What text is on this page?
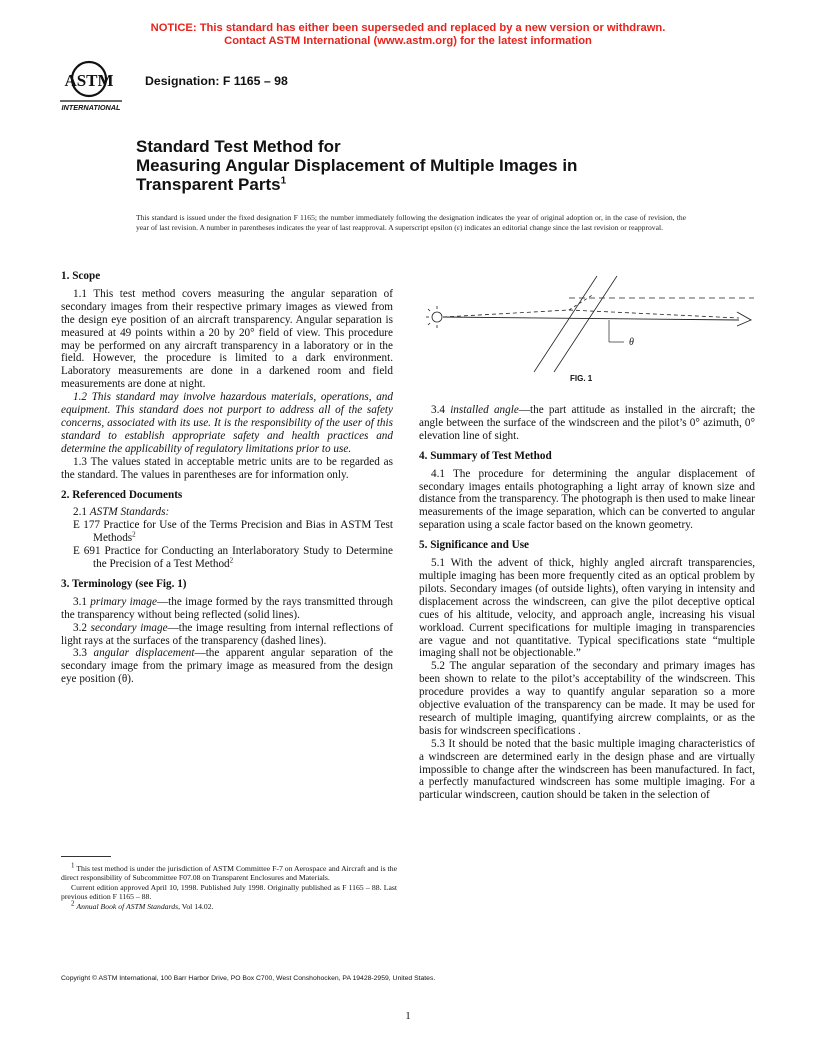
NOTICE: This standard has either been superseded and replaced by a new version or withdrawn.
Contact ASTM International (www.astm.org) for the latest information
ASTM
INTERNATIONAL
Designation: F 1165 – 98
Standard Test Method for
Measuring Angular Displacement of Multiple Images in
Transparent Parts$^1$
This standard is issued under the fixed designation F 1165; the number immediately following the designation indicates the year of original adoption or, in the case of revision, the year of last revision. A number in parentheses indicates the year of last reapproval. A superscript epsilon (ε) indicates an editorial change since the last revision or reapproval.
1. Scope

1.1 This test method covers measuring the angular separation of secondary images from their respective primary images as viewed from the design eye position of an aircraft transparency. Angular separation is measured at 49 points within a 20 by 20° field of view. This procedure may be performed on any aircraft transparency in a laboratory or in the field. However, the procedure is limited to a dark environment. Laboratory measurements are done in a darkened room and field measurements are done at night.

1.2 This standard may involve hazardous materials, operations, and equipment. This standard does not purport to address all of the safety concerns, associated with its use. It is the responsibility of the user of this standard to establish appropriate safety and health practices and determine the applicability of regulatory limitations prior to use.

1.3 The values stated in acceptable metric units are to be regarded as the standard. The values in parentheses are for information only.

2. Referenced Documents

2.1 ASTM Standards:

E 177 Practice for Use of the Terms Precision and Bias in ASTM Test Methods$^2$

E 691 Practice for Conducting an Interlaboratory Study to Determine the Precision of a Test Method$^2$

3. Terminology (see Fig. 1)

3.1 primary image—the image formed by the rays transmitted through the transparency without being reflected (solid lines).

3.2 secondary image—the image resulting from internal reflections of light rays at the surfaces of the transparency (dashed lines).

3.3 angular displacement—the apparent angular separation of the secondary image from the primary image as measured from the design eye position (θ).

θ
FIG. 1

3.4 installed angle—the part attitude as installed in the aircraft; the angle between the surface of the windscreen and the pilot’s 0° azimuth, 0° elevation line of sight.

4. Summary of Test Method

4.1 The procedure for determining the angular displacement of secondary images entails photographing a light array of known size and distance from the transparency. The photograph is then used to make linear measurements of the image separation, which can be converted to angular separation using a scale factor based on the known geometry.

5. Significance and Use

5.1 With the advent of thick, highly angled aircraft transparencies, multiple imaging has been more frequently cited as an optical problem by pilots. Secondary images (of outside lights), often varying in intensity and displacement across the windscreen, can give the pilot deceptive optical cues of his altitude, velocity, and approach angle, increasing his visual workload. Current specifications for multiple imaging in transparencies are vague and not quantitative. Typical specifications state “multiple imaging shall not be objectionable.”

5.2 The angular separation of the secondary and primary images has been shown to relate to the pilot’s acceptability of the windscreen. This procedure provides a way to quantify angular separation so a more objective evaluation of the transparency can be made. It may be used for research of multiple imaging, quantifying aircrew complaints, or as the basis for windscreen specifications .

5.3 It should be noted that the basic multiple imaging characteristics of a windscreen are determined early in the design phase and are virtually impossible to change after the windscreen has been manufactured. In fact, a perfectly manufactured windscreen has some multiple imaging. For a particular windscreen, caution should be taken in the selection of

1 This test method is under the jurisdiction of ASTM Committee F-7 on Aerospace and Aircraft and is the direct responsibility of Subcommittee F07.08 on Transparent Enclosures and Materials.

Current edition approved April 10, 1998. Published July 1998. Originally published as F 1165 – 88. Last previous edition F 1165 – 88.

2 Annual Book of ASTM Standards, Vol 14.02.

Copyright © ASTM International, 100 Barr Harbor Drive, PO Box C700, West Conshohocken, PA 19428-2959, United States.
1
